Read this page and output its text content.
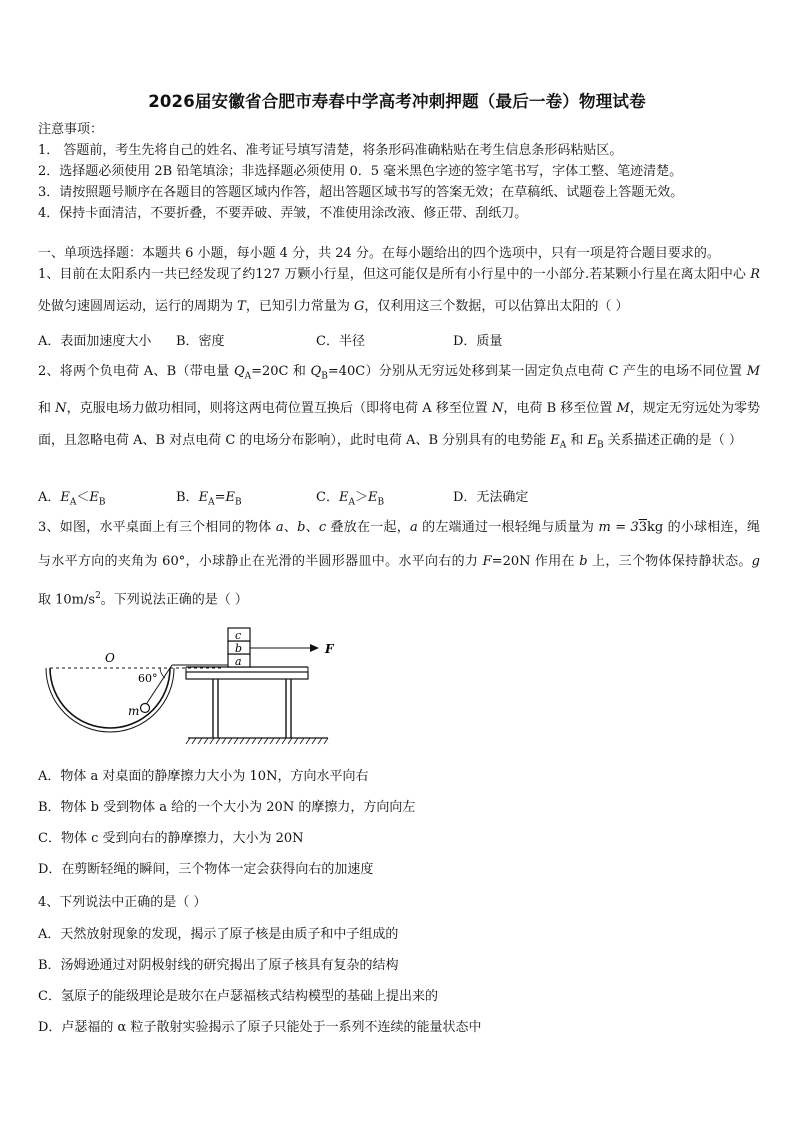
2026届安徽省合肥市寿春中学高考冲刺押题（最后一卷）物理试卷
注意事项：
1． 答题前，考生先将自己的姓名、准考证号填写清楚，将条形码准确粘贴在考生信息条形码粘贴区。
2．选择题必须使用 2B 铅笔填涂；非选择题必须使用 0．5 毫米黑色字迹的签字笔书写，字体工整、笔迹清楚。
3．请按照题号顺序在各题目的答题区域内作答，超出答题区域书写的答案无效；在草稿纸、试题卷上答题无效。
4．保持卡面清洁，不要折叠，不要弄破、弄皱，不准使用涂改液、修正带、刮纸刀。
一、单项选择题：本题共 6 小题，每小题 4 分，共 24 分。在每小题给出的四个选项中，只有一项是符合题目要求的。
1、目前在太阳系内一共已经发现了约127 万颗小行星，但这可能仅是所有小行星中的一小部分.若某颗小行星在离太阳中心 R 处做匀速圆周运动，运行的周期为 T，已知引力常量为 G，仅利用这三个数据，可以估算出太阳的（ ）
A．表面加速度大小 B．密度	C．半径	D．质量
2、将两个负电荷 A、B（带电量 $Q_A=20C$ 和 $Q_B=40C$）分别从无穷远处移到某一固定负点电荷 C 产生的电场不同位置 M 和 N，克服电场力做功相同，则将这两电荷位置互换后（即将电荷 A 移至位置 N，电荷 B 移至位置 M，规定无穷远处为零势面，且忽略电荷 A、B 对点电荷 C 的电场分布影响），此时电荷 A、B 分别具有的电势能 $E_A$ 和 $E_B$ 关系描述正确的是（ ）
A．$E_A<E_B$	B．$E_A=E_B$	C．$E_A>E_B$	D．无法确定
3、如图，水平桌面上有三个相同的物体 a、b、c 叠放在一起，a 的左端通过一根轻绳与质量为 m = 33kg 的小球相连，绳与水平方向的夹角为 60°，小球静止在光滑的半圆形器皿中。水平向右的力 F=20N 作用在 b 上，三个物体保持静状态。g 取 $10m/s^2$。下列说法正确的是（ ）
O
60°
m
a
b
c
F
A．物体 a 对桌面的静摩擦力大小为 10N，方向水平向右
B．物体 b 受到物体 a 给的一个大小为 20N 的摩擦力，方向向左
C．物体 c 受到向右的静摩擦力，大小为 20N
D．在剪断轻绳的瞬间，三个物体一定会获得向右的加速度
4、下列说法中正确的是（ ）
A．天然放射现象的发现，揭示了原子核是由质子和中子组成的
B．汤姆逊通过对阴极射线的研究揭出了原子核具有复杂的结构
C．氢原子的能级理论是玻尔在卢瑟福核式结构模型的基础上提出来的
D．卢瑟福的 α 粒子散射实验揭示了原子只能处于一系列不连续的能量状态中
